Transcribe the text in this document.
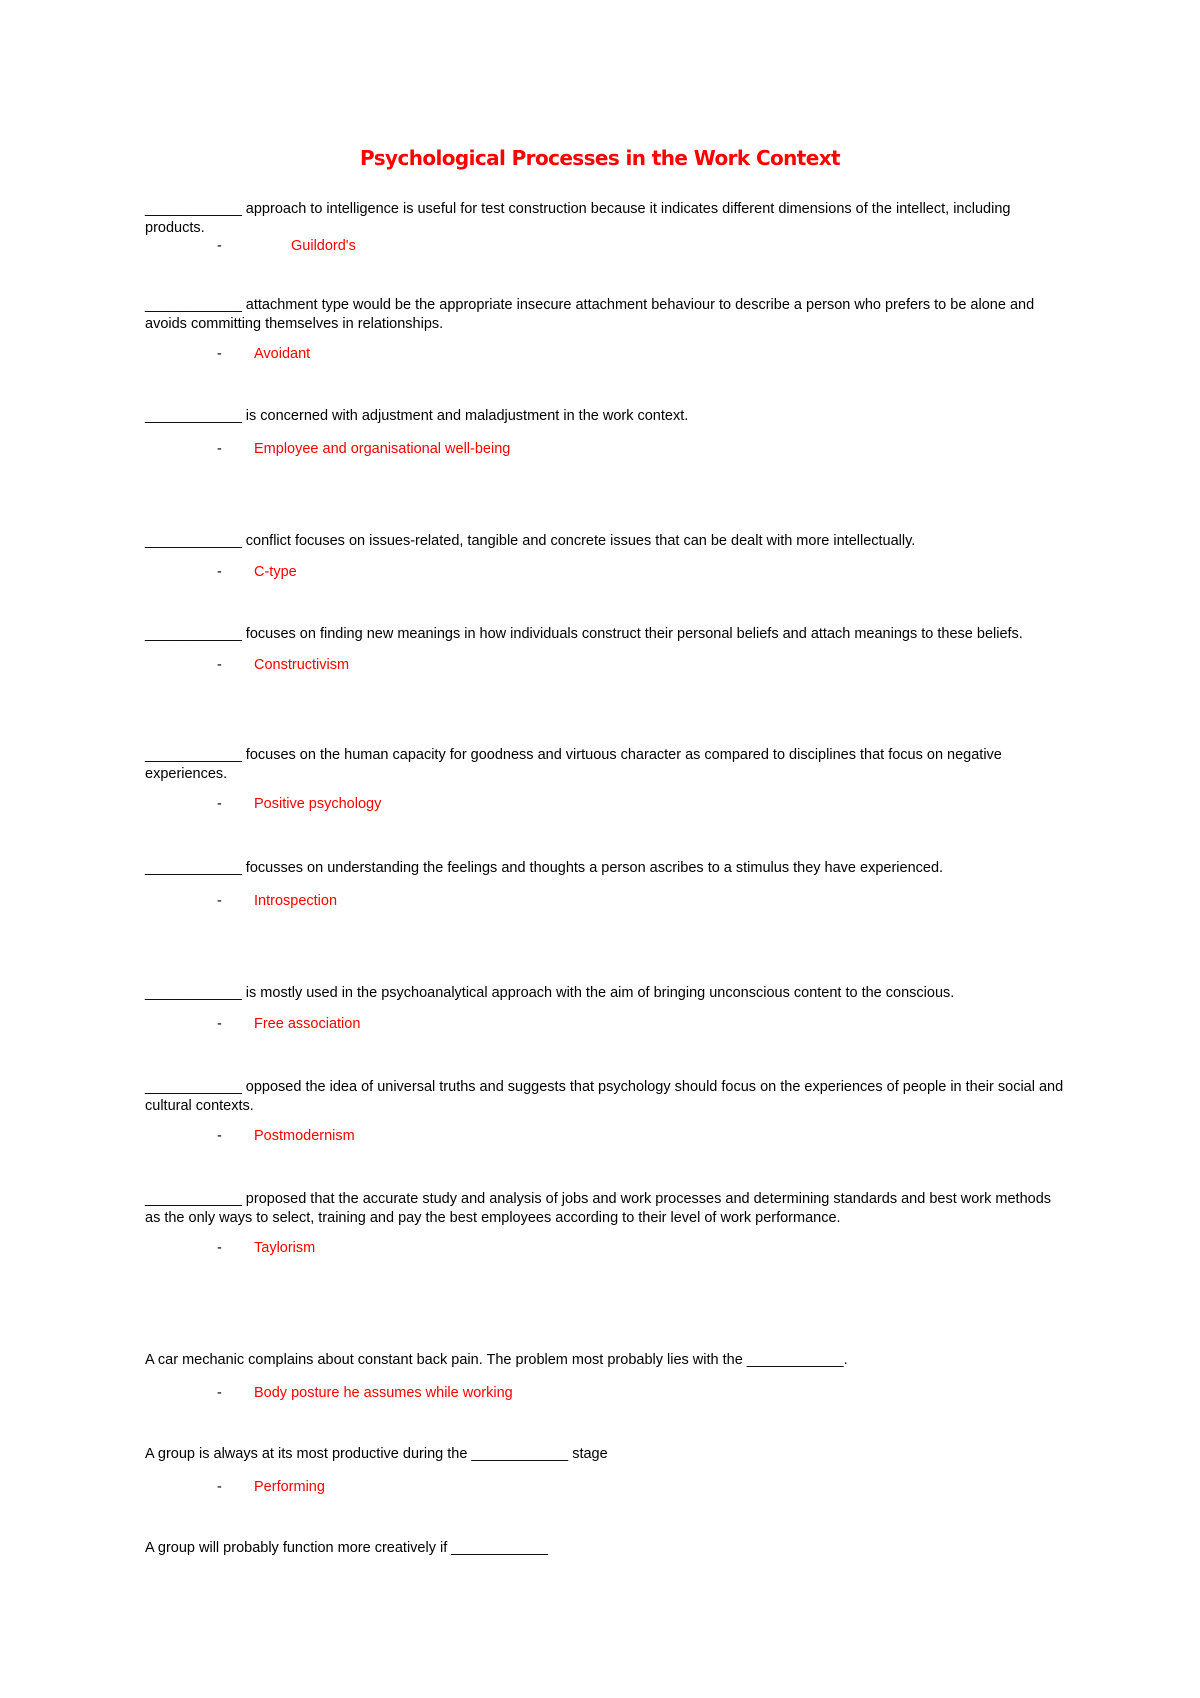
Psychological Processes in the Work Context

____________ approach to intelligence is useful for test construction because it indicates different dimensions of the intellect, including products.

-	Guildord's

____________ attachment type would be the appropriate insecure attachment behaviour to describe a person who prefers to be alone and avoids committing themselves in relationships.

- Avoidant

____________ is concerned with adjustment and maladjustment in the work context.

- Employee and organisational well-being

____________ conflict focuses on issues-related, tangible and concrete issues that can be dealt with more intellectually.

- C-type

____________ focuses on finding new meanings in how individuals construct their personal beliefs and attach meanings to these beliefs.

- Constructivism

____________ focuses on the human capacity for goodness and virtuous character as compared to disciplines that focus on negative experiences.

- Positive psychology

____________ focusses on understanding the feelings and thoughts a person ascribes to a stimulus they have experienced.

- Introspection

____________ is mostly used in the psychoanalytical approach with the aim of bringing unconscious content to the conscious.

- Free association

____________ opposed the idea of universal truths and suggests that psychology should focus on the experiences of people in their social and cultural contexts.

- Postmodernism

____________ proposed that the accurate study and analysis of jobs and work processes and determining standards and best work methods as the only ways to select, training and pay the best employees according to their level of work performance.

- Taylorism

A car mechanic complains about constant back pain. The problem most probably lies with the ____________.

- Body posture he assumes while working

A group is always at its most productive during the ____________ stage

- Performing

A group will probably function more creatively if ____________
